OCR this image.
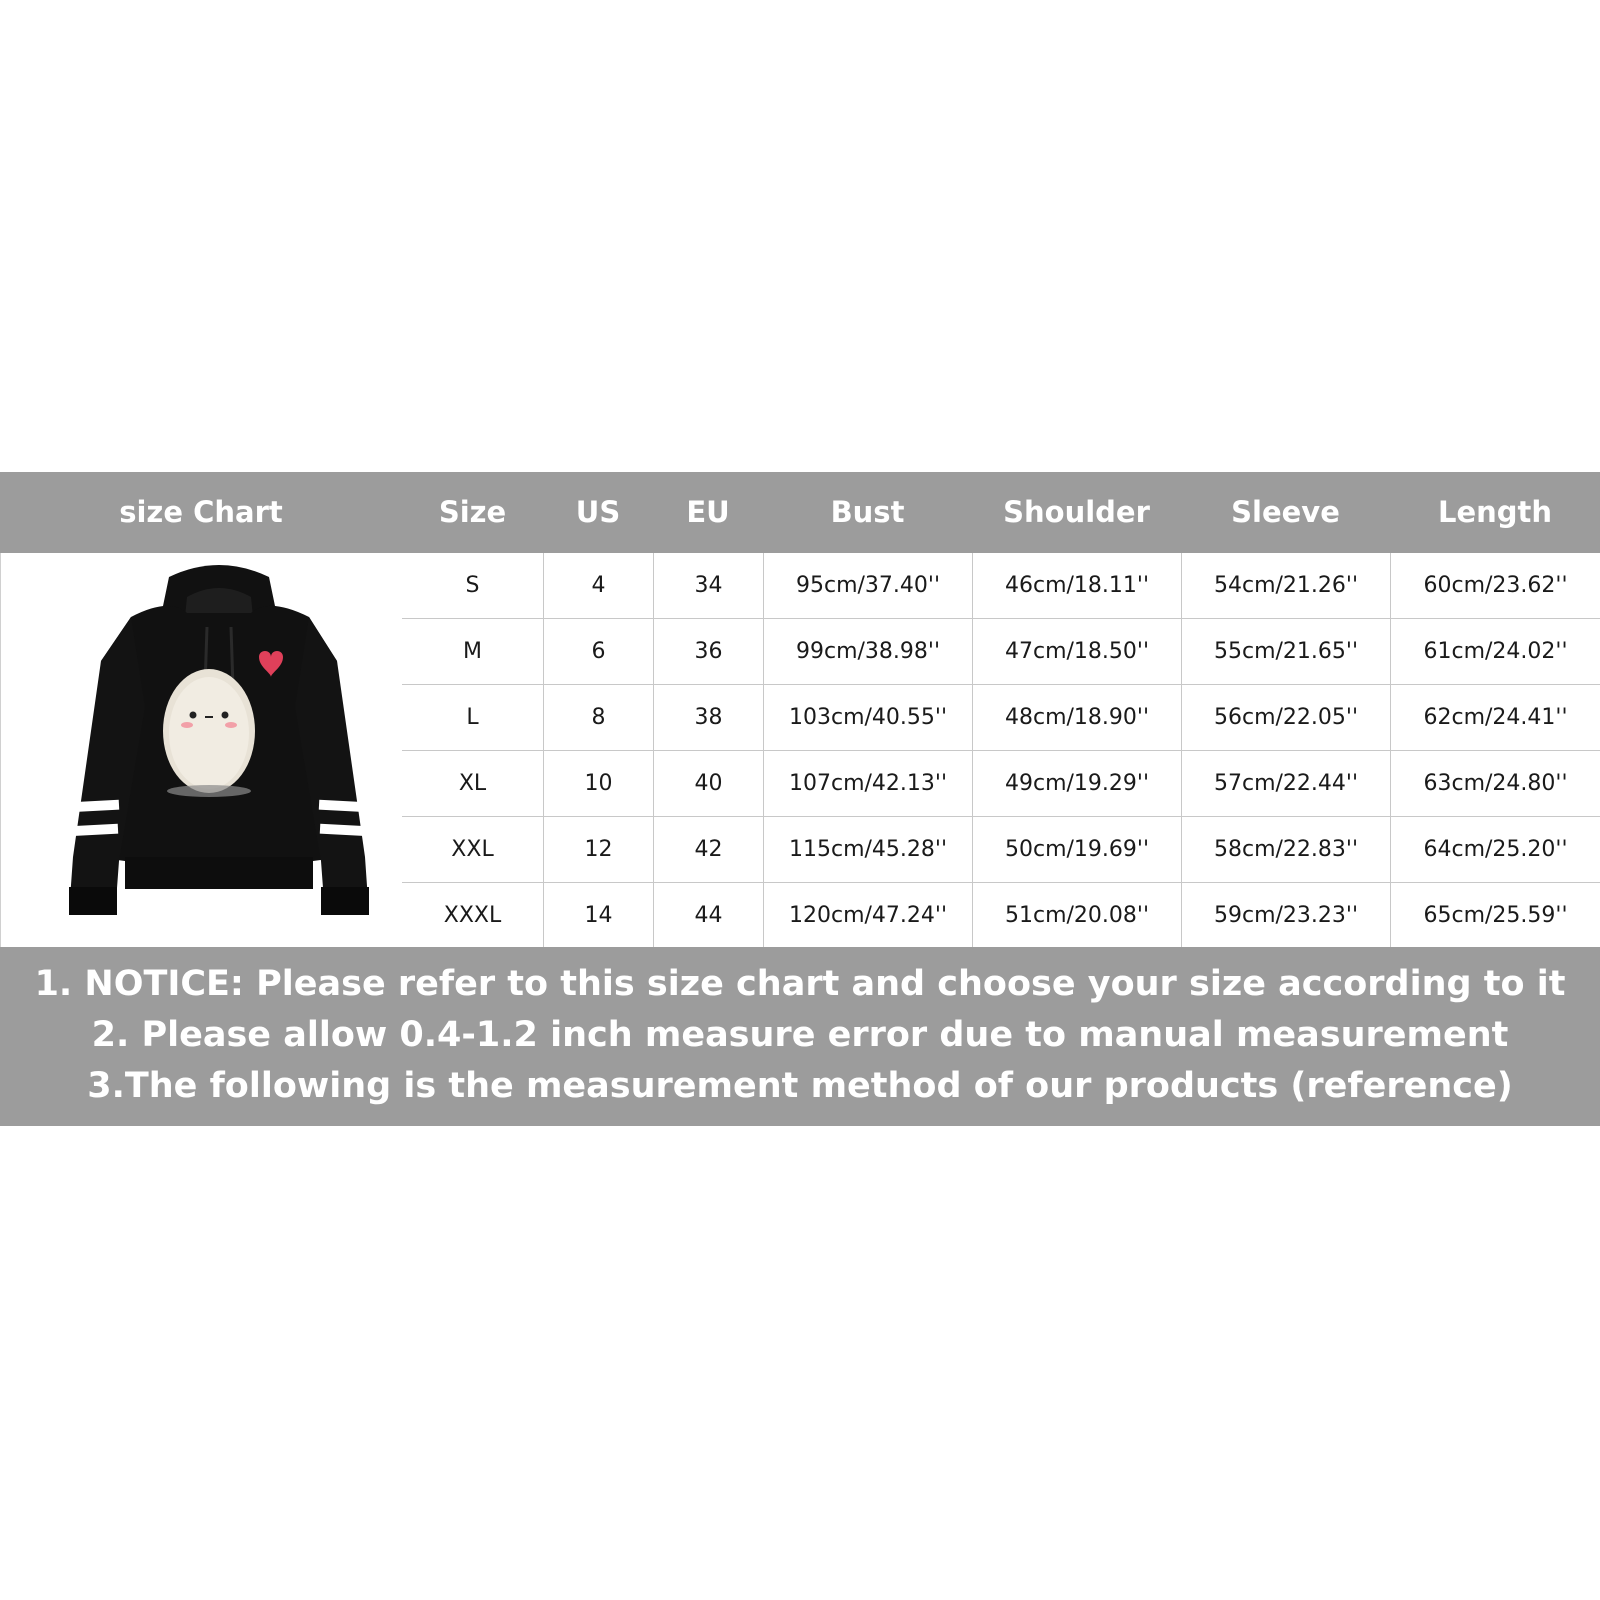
size Chart	Size	US	EU	Bust	Shoulder	Sleeve	Length
S	4	34	95cm/37.40''	46cm/18.11''	54cm/21.26''	60cm/23.62''
M	6	36	99cm/38.98''	47cm/18.50''	55cm/21.65''	61cm/24.02''
L	8	38	103cm/40.55''	48cm/18.90''	56cm/22.05''	62cm/24.41''
XL	10	40	107cm/42.13''	49cm/19.29''	57cm/22.44''	63cm/24.80''
XXL	12	42	115cm/45.28''	50cm/19.69''	58cm/22.83''	64cm/25.20''
XXXL	14	44	120cm/47.24''	51cm/20.08''	59cm/23.23''	65cm/25.59''
1. NOTICE: Please refer to this size chart and choose your size according to it
2. Please allow 0.4-1.2 inch measure error due to manual measurement
3.The following is the measurement method of our products (reference)
